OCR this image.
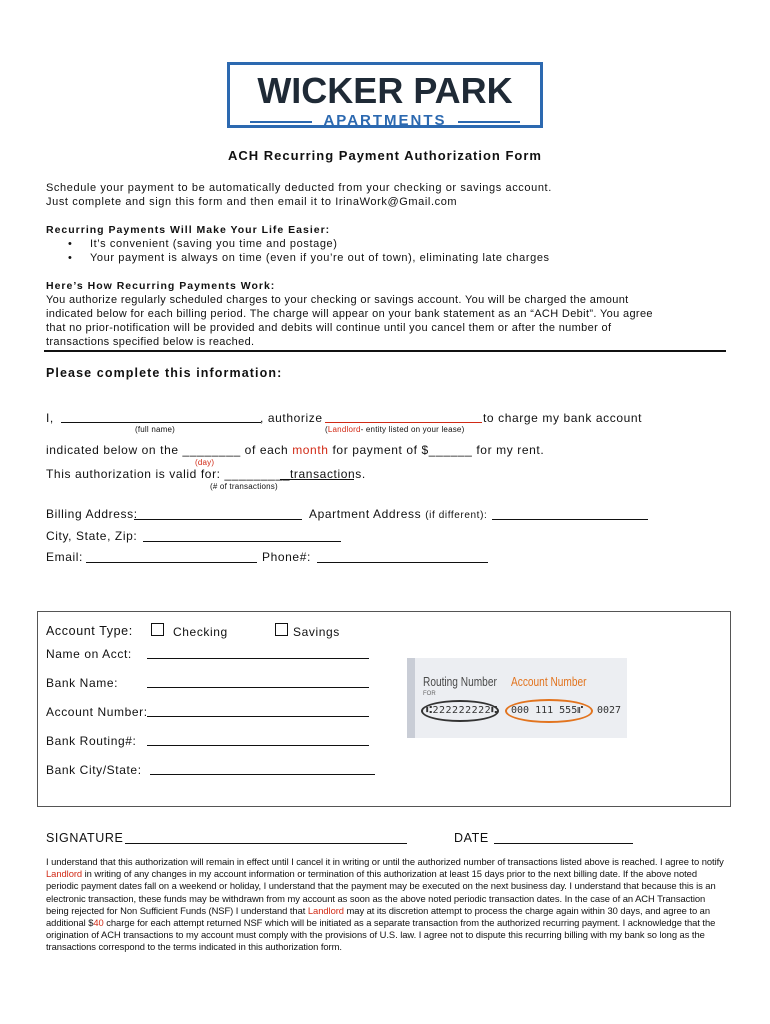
WICKER PARK
APARTMENTS
ACH Recurring Payment Authorization Form
Schedule your payment to be automatically deducted from your checking or savings account.
Just complete and sign this form and then email it to IrinaWork@Gmail.com
Recurring Payments Will Make Your Life Easier:
• It’s convenient (saving you time and postage)
• Your payment is always on time (even if you’re out of town), eliminating late charges
Here’s How Recurring Payments Work:
You authorize regularly scheduled charges to your checking or savings account. You will be charged the amount
indicated below for each billing period. The charge will appear on your bank statement as an “ACH Debit”. You agree
that no prior-notification will be provided and debits will continue until you cancel them or after the number of
transactions specified below is reached.
Please complete this information:
I,	, authorize	to charge my bank account
(full name)	(Landlord- entity listed on your lease)
indicated below on the ________ of each month for payment of $______ for my rent.
(day)
This authorization is valid for: _________transactions.
(# of transactions)
Billing Address:	Apartment Address (if different):
City, State, Zip:
Email:	Phone#:
Account Type:	Checking	Savings
Name on Acct:
Bank Name:
Account Number:
Bank Routing#:
Bank City/State:
Routing Number Account Number
FOR
⑆222222222⑆ 000 111 555⑈ 0027
SIGNATURE	DATE
I understand that this authorization will remain in effect until I cancel it in writing or until the authorized number of transactions listed above is reached. I agree to notify Landlord in writing of any changes in my account information or termination of this authorization at least 15 days prior to the next billing date. If the above noted periodic payment dates fall on a weekend or holiday, I understand that the payment may be executed on the next business day. I understand that because this is an electronic transaction, these funds may be withdrawn from my account as soon as the above noted periodic transaction dates. In the case of an ACH Transaction being rejected for Non Sufficient Funds (NSF) I understand that Landlord may at its discretion attempt to process the charge again within 30 days, and agree to an additional $40 charge for each attempt returned NSF which will be initiated as a separate transaction from the authorized recurring payment. I acknowledge that the origination of ACH transactions to my account must comply with the provisions of U.S. law. I agree not to dispute this recurring billing with my bank so long as the transactions correspond to the terms indicated in this authorization form.
